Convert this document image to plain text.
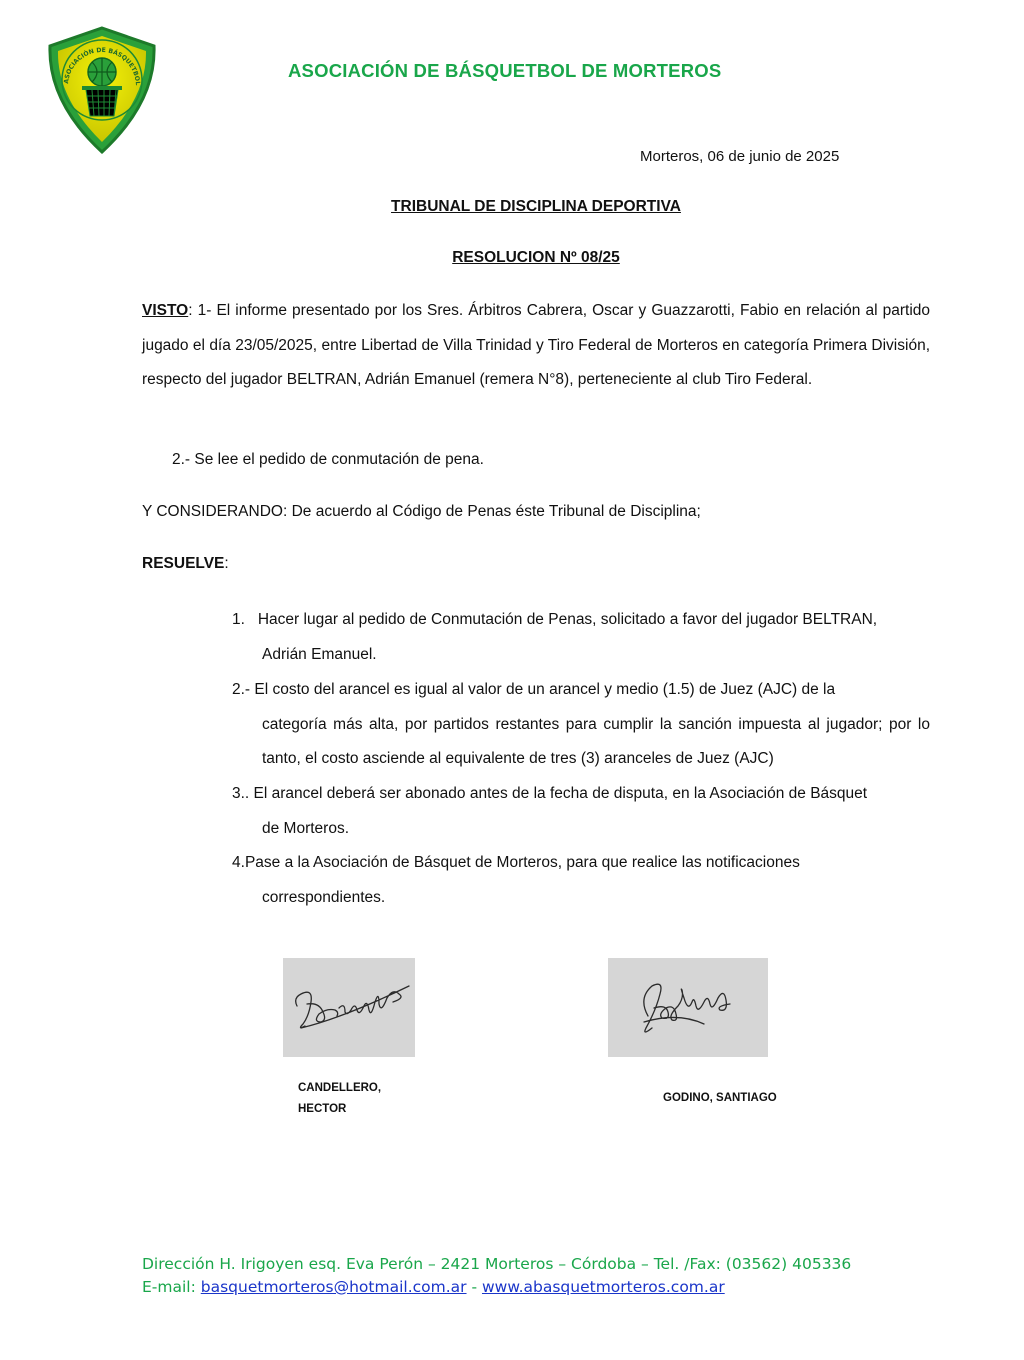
ASOCIACIÓN DE BÁSQUETBOL
ASOCIACIÓN DE BÁSQUETBOL DE MORTEROS
Morteros, 06 de junio de 2025
TRIBUNAL DE DISCIPLINA DEPORTIVA
RESOLUCION Nº 08/25
VISTO: 1- El informe presentado por los Sres. Árbitros Cabrera, Oscar y Guazzarotti, Fabio en relación al partido jugado el día 23/05/2025, entre Libertad de Villa Trinidad y Tiro Federal de Morteros en categoría Primera División, respecto del jugador BELTRAN, Adrián Emanuel (remera N°8), perteneciente al club Tiro Federal.
2.- Se lee el pedido de conmutación de pena.
Y CONSIDERANDO: De acuerdo al Código de Penas éste Tribunal de Disciplina;
RESUELVE:
1.   Hacer lugar al pedido de Conmutación de Penas, solicitado a favor del jugador BELTRAN,
Adrián Emanuel.
2.- El costo del arancel es igual al valor de un arancel y medio (1.5) de Juez (AJC) de la
categoría más alta, por partidos restantes para cumplir la sanción impuesta al jugador; por lo tanto, el costo asciende al equivalente de tres (3) aranceles de Juez (AJC)
3.. El arancel deberá ser abonado antes de la fecha de disputa, en la Asociación de Básquet
de Morteros.
4.Pase a la Asociación de Básquet de Morteros, para que realice las notificaciones
correspondientes.
CANDELLERO,
HECTOR
GODINO, SANTIAGO
Dirección H. Irigoyen esq. Eva Perón – 2421 Morteros – Córdoba – Tel. /Fax: (03562) 405336
E-mail: basquetmorteros@hotmail.com.ar - www.abasquetmorteros.com.ar
